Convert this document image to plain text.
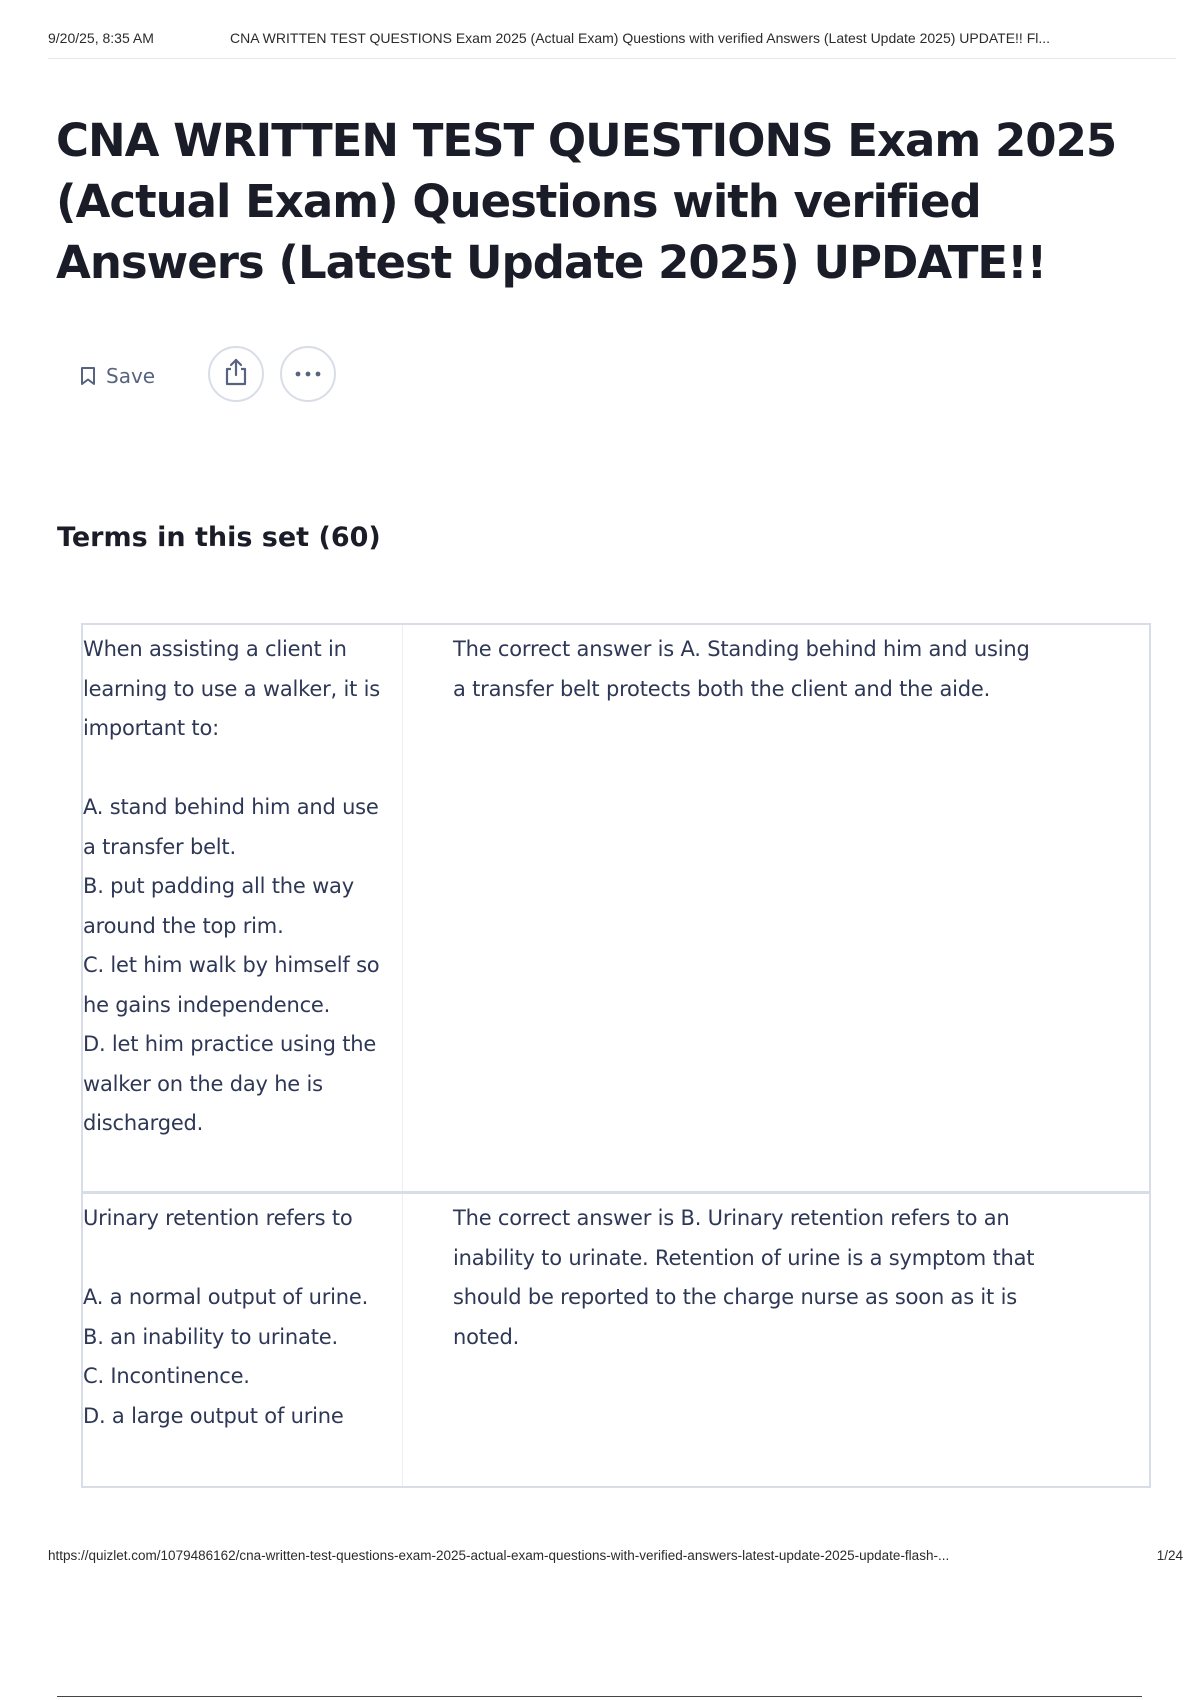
9/20/25, 8:35 AM	CNA WRITTEN TEST QUESTIONS Exam 2025 (Actual Exam) Questions with verified Answers (Latest Update 2025) UPDATE!! Fl...
CNA WRITTEN TEST QUESTIONS Exam 2025 (Actual Exam) Questions with verified Answers (Latest Update 2025) UPDATE!!
Save
Terms in this set (60)
When assisting a client in learning to use a walker, it is important to:

A. stand behind him and use a transfer belt.
B. put padding all the way around the top rim.
C. let him walk by himself so he gains independence.
D. let him practice using the walker on the day he is discharged.
The correct answer is A. Standing behind him and using a transfer belt protects both the client and the aide.
Urinary retention refers to

A. a normal output of urine.
B. an inability to urinate.
C. Incontinence.
D. a large output of urine
The correct answer is B. Urinary retention refers to an inability to urinate. Retention of urine is a symptom that should be reported to the charge nurse as soon as it is noted.
https://quizlet.com/1079486162/cna-written-test-questions-exam-2025-actual-exam-questions-with-verified-answers-latest-update-2025-update-flash-...	1/24
